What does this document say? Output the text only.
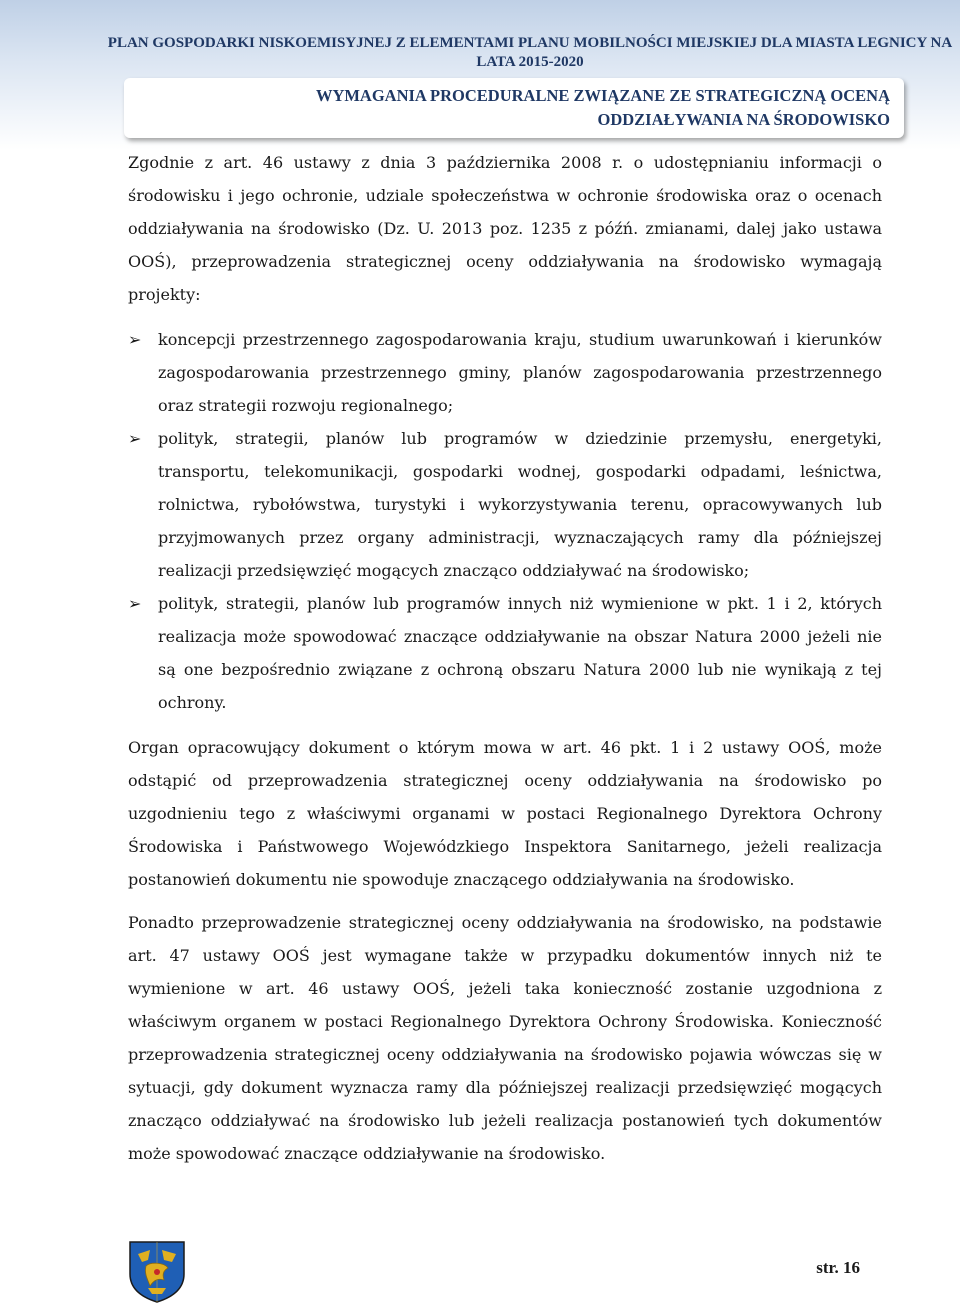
PLAN GOSPODARKI NISKOEMISYJNEJ Z ELEMENTAMI PLANU MOBILNOŚCI MIEJSKIEJ DLA MIASTA LEGNICY NA LATA 2015-2020
WYMAGANIA PROCEDURALNE ZWIĄZANE ZE STRATEGICZNĄ OCENĄ
ODDZIAŁYWANIA NA ŚRODOWISKO

Zgodnie z art. 46 ustawy z dnia 3 października 2008 r. o udostępnianiu informacji o środowisku i jego ochronie, udziale społeczeństwa w ochronie środowiska oraz o ocenach oddziaływania na środowisko (Dz. U. 2013 poz. 1235 z późń. zmianami, dalej jako ustawa OOŚ), przeprowadzenia strategicznej oceny oddziaływania na środowisko wymagają projekty:

➢ koncepcji przestrzennego zagospodarowania kraju, studium uwarunkowań i kierunków zagospodarowania przestrzennego gminy, planów zagospodarowania przestrzennego oraz strategii rozwoju regionalnego;
➢ polityk, strategii, planów lub programów w dziedzinie przemysłu, energetyki, transportu, telekomunikacji, gospodarki wodnej, gospodarki odpadami, leśnictwa, rolnictwa, rybołówstwa, turystyki i wykorzystywania terenu, opracowywanych lub przyjmowanych przez organy administracji, wyznaczających ramy dla późniejszej realizacji przedsięwzięć mogących znacząco oddziaływać na środowisko;
➢ polityk, strategii, planów lub programów innych niż wymienione w pkt. 1 i 2, których realizacja może spowodować znaczące oddziaływanie na obszar Natura 2000 jeżeli nie są one bezpośrednio związane z ochroną obszaru Natura 2000 lub nie wynikają z tej ochrony.

Organ opracowujący dokument o którym mowa w art. 46 pkt. 1 i 2 ustawy OOŚ, może odstąpić od przeprowadzenia strategicznej oceny oddziaływania na środowisko po uzgodnieniu tego z właściwymi organami w postaci Regionalnego Dyrektora Ochrony Środowiska i Państwowego Wojewódzkiego Inspektora Sanitarnego, jeżeli realizacja postanowień dokumentu nie spowoduje znaczącego oddziaływania na środowisko.

Ponadto przeprowadzenie strategicznej oceny oddziaływania na środowisko, na podstawie art. 47 ustawy OOŚ jest wymagane także w przypadku dokumentów innych niż te wymienione w art. 46 ustawy OOŚ, jeżeli taka konieczność zostanie uzgodniona z właściwym organem w postaci Regionalnego Dyrektora Ochrony Środowiska. Konieczność przeprowadzenia strategicznej oceny oddziaływania na środowisko pojawia wówczas się w sytuacji, gdy dokument wyznacza ramy dla późniejszej realizacji przedsięwzięć mogących znacząco oddziaływać na środowisko lub jeżeli realizacja postanowień tych dokumentów może spowodować znaczące oddziaływanie na środowisko.

str. 16
